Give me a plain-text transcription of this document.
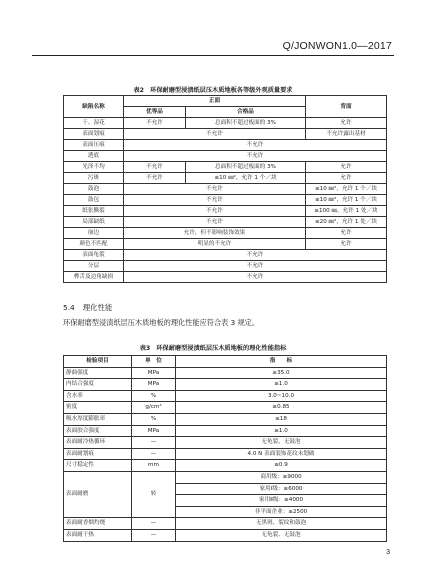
Q/JONWON1.0—2017
表2　环保耐磨型浸渍纸层压木质地板各等级外观质量要求
缺陷名称	正面		背面
	优等品	合格品	
干、湿花	不允许	总面积不超过板面的 3%	允许
表面划痕	不允许		不允许露出基材
表面压痕	不允许		
透底	不允许		
光泽不均	不允许	总面积不超过板面的 3%	允许
污斑	不允许	≤10 ㎜²，允许 1 个／块	允许
鼓泡	不允许		≤10 ㎜²，允许 1 个／块
鼓包	不允许		≤10 ㎜²，允许 1 个／块
纸张撕裂	不允许		≤100 ㎜，允许 1 处／块
局部缺纸	不允许		≤20 ㎜²，允许 1 处／块
崩边	允许，但不影响装饰效果		允许
颜色不匹配	明显的不允许		允许
表面龟裂	不允许		
分层	不允许		
榫舌及边角缺损	不允许		
5.4 理化性能
环保耐磨型浸渍纸层压木质地板的理化性能应符合表 3 规定。
表3　环保耐磨型浸渍纸层压木质地板的理化性能指标
检验项目	单　位	指　　标
静曲强度	MPa	≥35.0
内结合强度	MPa	≥1.0
含水率	%	3.0~10.0
密度	g/cm³	≥0.85
吸水厚度膨胀率	%	≤18
表面胶合强度	MPa	≥1.0
表面耐冷热循环	—	无龟裂、无鼓泡
表面耐划痕	—	4.0 N 表面装饰花纹未划破
尺寸稳定性	mm	≤0.9
表面耐磨	转	商用级：≥9000
		家用Ⅰ级：≥6000
		家用Ⅱ级：≥4000
		非平面企业：≥2500
表面耐香烟灼烧	—	无黑斑、裂纹和鼓泡
表面耐干热	—	无龟裂、无鼓泡
3
